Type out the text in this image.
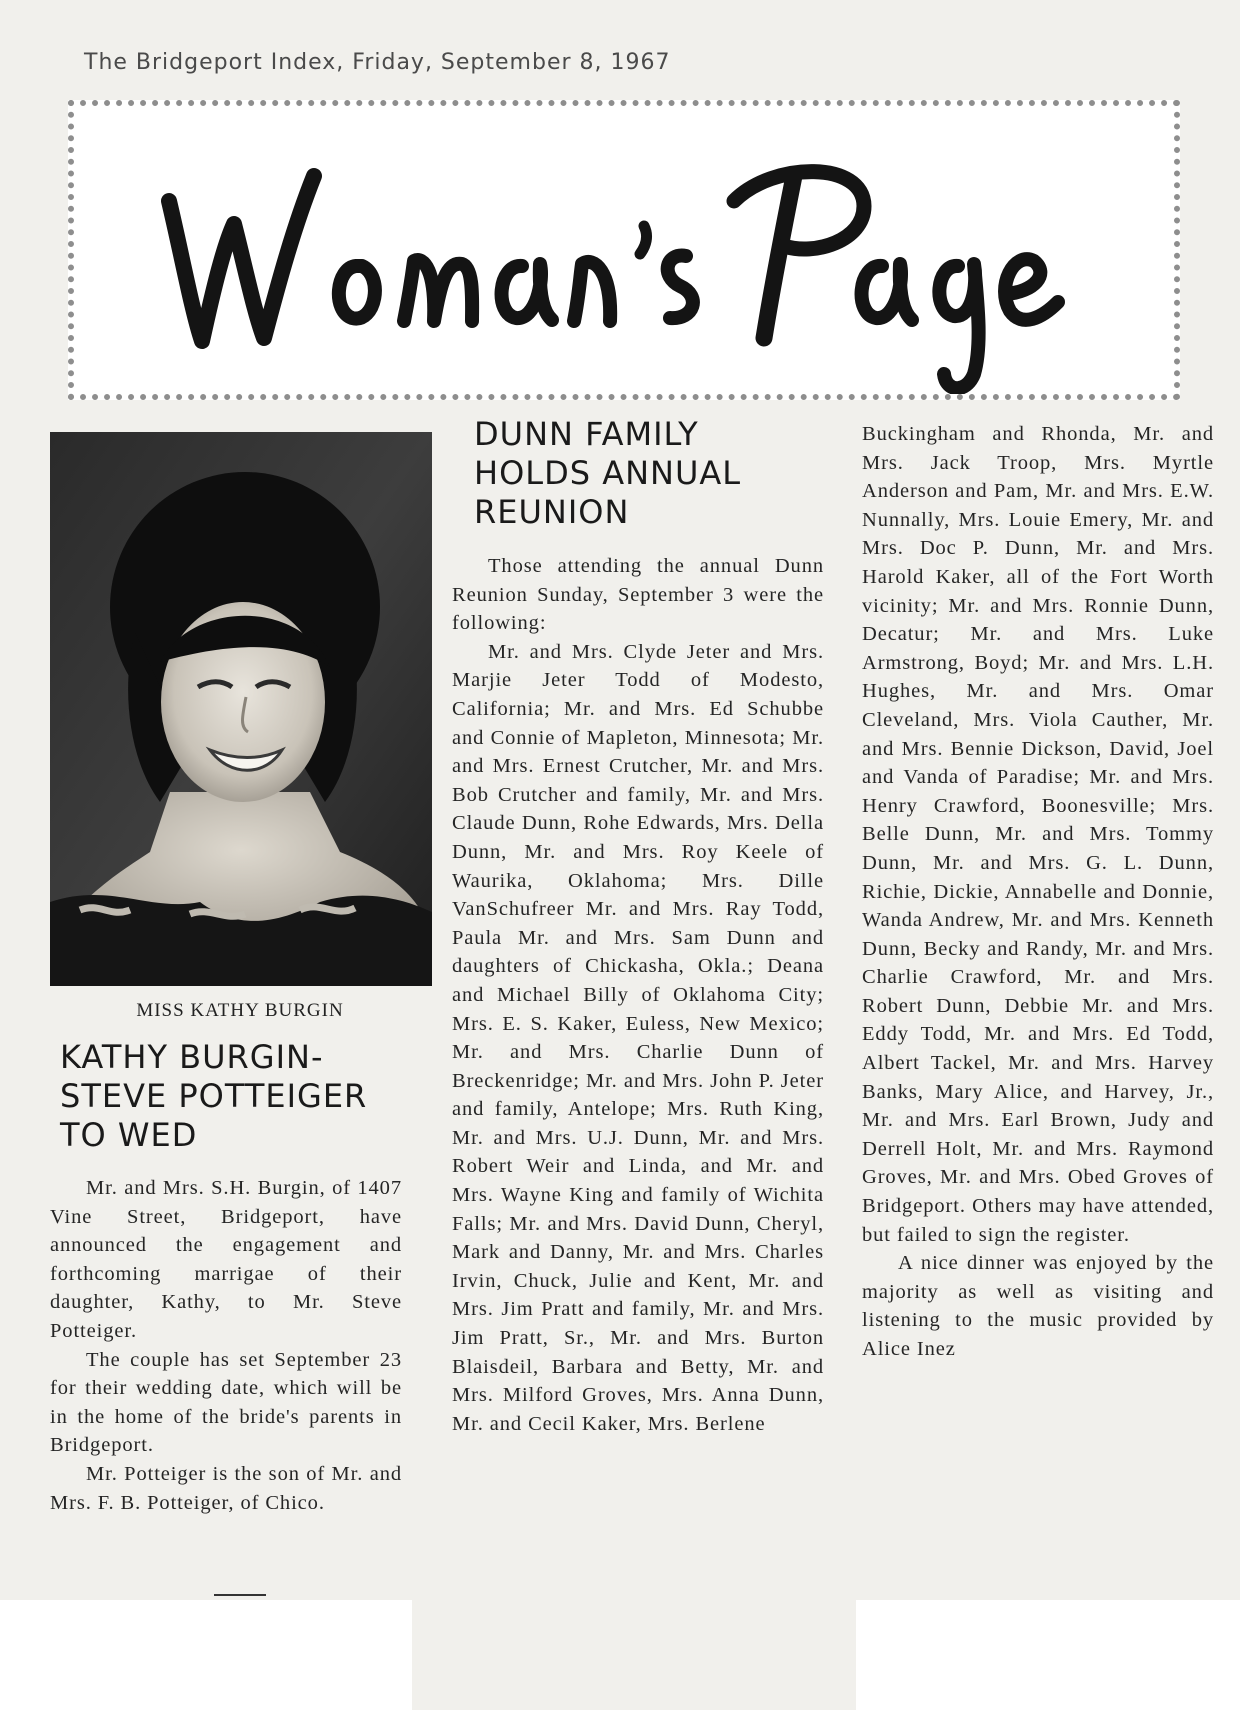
The Bridgeport Index, Friday, September 8, 1967
MISS KATHY BURGIN
KATHY BURGIN- STEVE POTTEIGER TO WED

Mr. and Mrs. S.H. Burgin, of 1407 Vine Street, Bridgeport, have announced the engagement and forthcoming marrigae of their daughter, Kathy, to Mr. Steve Potteiger.

The couple has set September 23 for their wedding date, which will be in the home of the bride's parents in Bridgeport.

Mr. Potteiger is the son of Mr. and Mrs. F. B. Potteiger, of Chico.

DUNN FAMILY HOLDS ANNUAL REUNION

Those attending the annual Dunn Reunion Sunday, September 3 were the following:

Mr. and Mrs. Clyde Jeter and Mrs. Marjie Jeter Todd of Modesto, California; Mr. and Mrs. Ed Schubbe and Connie of Mapleton, Minnesota; Mr. and Mrs. Ernest Crutcher, Mr. and Mrs. Bob Crutcher and family, Mr. and Mrs. Claude Dunn, Rohe Edwards, Mrs. Della Dunn, Mr. and Mrs. Roy Keele of Waurika, Oklahoma; Mrs. Dille VanSchufreer Mr. and Mrs. Ray Todd, Paula Mr. and Mrs. Sam Dunn and daughters of Chickasha, Okla.; Deana and Michael Billy of Oklahoma City; Mrs. E. S. Kaker, Euless, New Mexico; Mr. and Mrs. Charlie Dunn of Breckenridge; Mr. and Mrs. John P. Jeter and family, Antelope; Mrs. Ruth King, Mr. and Mrs. U.J. Dunn, Mr. and Mrs. Robert Weir and Linda, and Mr. and Mrs. Wayne King and family of Wichita Falls; Mr. and Mrs. David Dunn, Cheryl, Mark and Danny, Mr. and Mrs. Charles Irvin, Chuck, Julie and Kent, Mr. and Mrs. Jim Pratt and family, Mr. and Mrs. Jim Pratt, Sr., Mr. and Mrs. Burton Blaisdeil, Barbara and Betty, Mr. and Mrs. Milford Groves, Mrs. Anna Dunn, Mr. and Cecil Kaker, Mrs. Berlene

Buckingham and Rhonda, Mr. and Mrs. Jack Troop, Mrs. Myrtle Anderson and Pam, Mr. and Mrs. E.W. Nunnally, Mrs. Louie Emery, Mr. and Mrs. Doc P. Dunn, Mr. and Mrs. Harold Kaker, all of the Fort Worth vicinity; Mr. and Mrs. Ronnie Dunn, Decatur; Mr. and Mrs. Luke Armstrong, Boyd; Mr. and Mrs. L.H. Hughes, Mr. and Mrs. Omar Cleveland, Mrs. Viola Cauther, Mr. and Mrs. Bennie Dickson, David, Joel and Vanda of Paradise; Mr. and Mrs. Henry Crawford, Boonesville; Mrs. Belle Dunn, Mr. and Mrs. Tommy Dunn, Mr. and Mrs. G. L. Dunn, Richie, Dickie, Annabelle and Donnie, Wanda Andrew, Mr. and Mrs. Kenneth Dunn, Becky and Randy, Mr. and Mrs. Charlie Crawford, Mr. and Mrs. Robert Dunn, Debbie Mr. and Mrs. Eddy Todd, Mr. and Mrs. Ed Todd, Albert Tackel, Mr. and Mrs. Harvey Banks, Mary Alice, and Harvey, Jr., Mr. and Mrs. Earl Brown, Judy and Derrell Holt, Mr. and Mrs. Raymond Groves, Mr. and Mrs. Obed Groves of Bridgeport. Others may have attended, but failed to sign the register.

A nice dinner was enjoyed by the majority as well as visiting and listening to the music provided by Alice Inez
